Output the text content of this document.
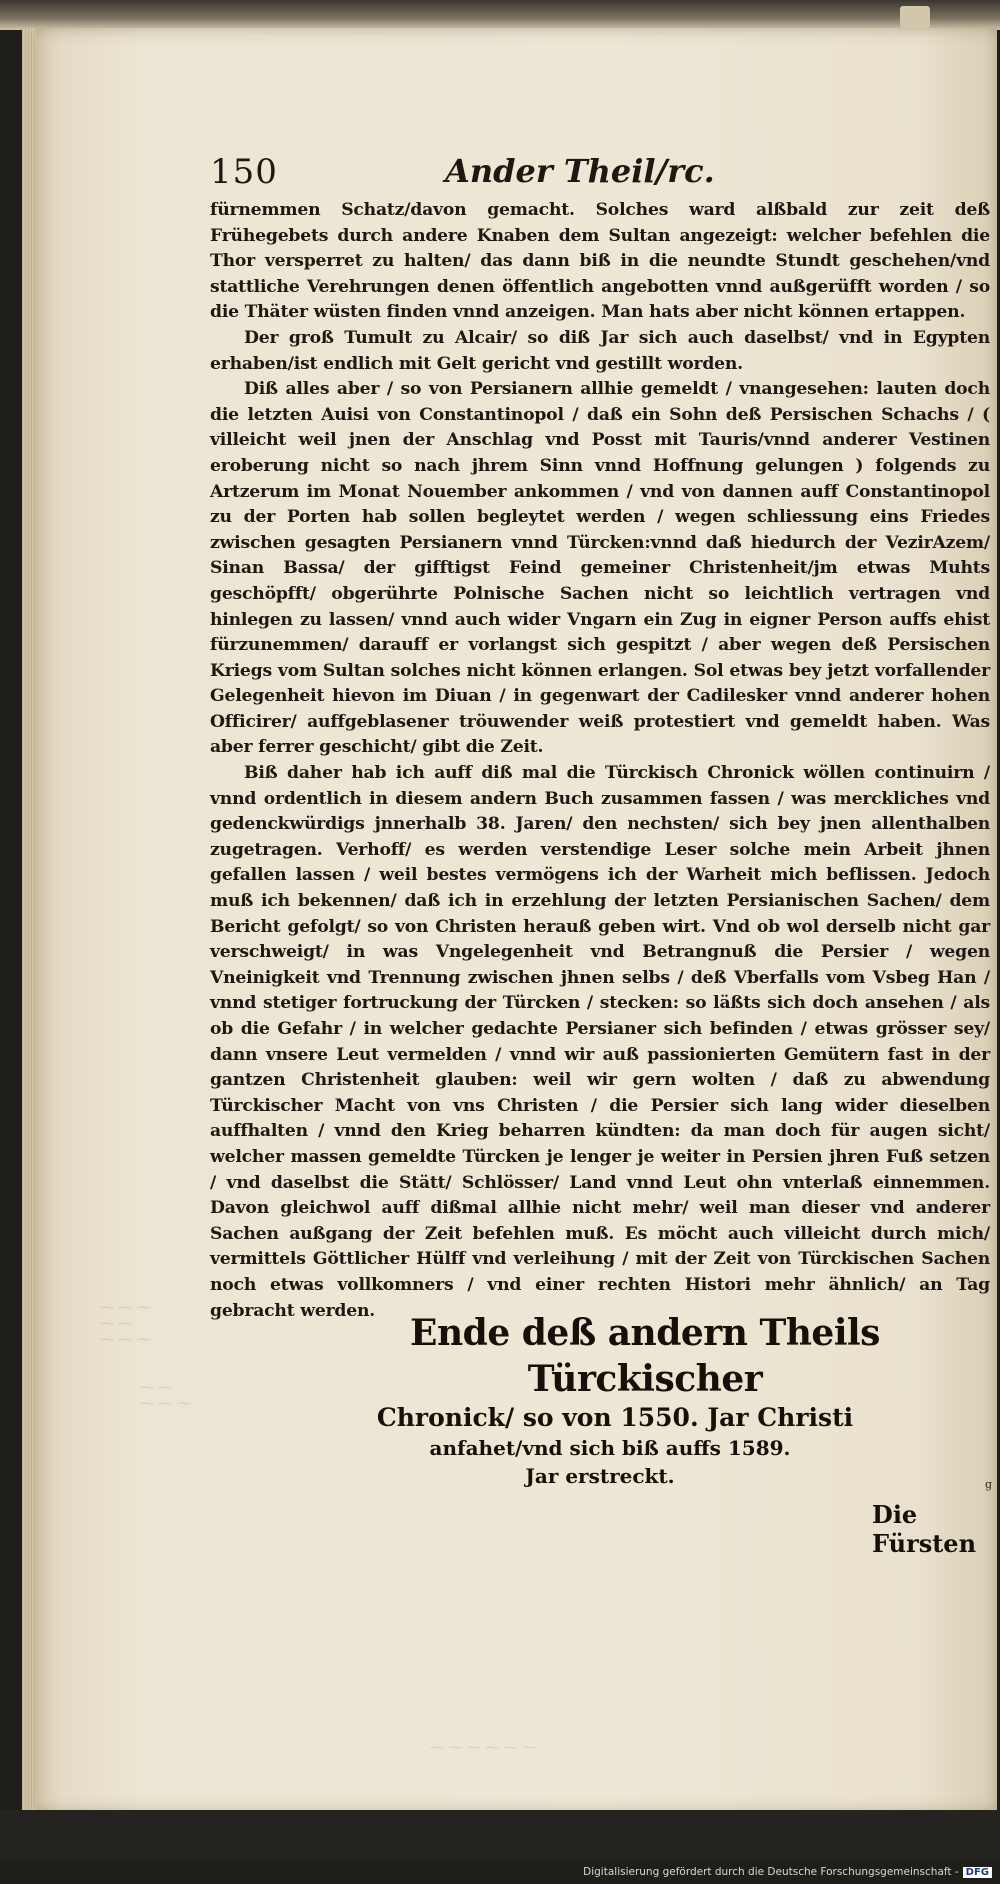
⁓ ⁓ ⁓
⁓ ⁓
⁓ ⁓ ⁓
⁓ ⁓
⁓ ⁓ ⁓
⁓ ⁓ ⁓ ⁓ ⁓ ⁓
150	Ander Theil/rc.

fürnemmen Schatz/davon gemacht. Solches ward alßbald zur zeit deß Frühegebets durch andere Knaben dem Sultan angezeigt: welcher befehlen die Thor versperret zu halten/ das dann biß in die neundte Stundt geschehen/vnd stattliche Verehrungen denen öffentlich angebotten vnnd außgerüfft worden / so die Thäter wüsten finden vnnd anzeigen. Man hats aber nicht können ertappen.

Der groß Tumult zu Alcair/ so diß Jar sich auch daselbst/ vnd in Egypten erhaben/ist endlich mit Gelt gericht vnd gestillt worden.

Diß alles aber / so von Persianern allhie gemeldt / vnangesehen: lauten doch die letzten Auisi von Constantinopol / daß ein Sohn deß Persischen Schachs / ( villeicht weil jnen der Anschlag vnd Posst mit Tauris/vnnd anderer Vestinen eroberung nicht so nach jhrem Sinn vnnd Hoffnung gelungen ) folgends zu Artzerum im Monat Nouember ankommen / vnd von dannen auff Constantinopol zu der Porten hab sollen begleytet werden / wegen schliessung eins Friedes zwischen gesagten Persianern vnnd Türcken:vnnd daß hiedurch der VezirAzem/ Sinan Bassa/ der gifftigst Feind gemeiner Christenheit/jm etwas Muhts geschöpfft/ obgerührte Polnische Sachen nicht so leichtlich vertragen vnd hinlegen zu lassen/ vnnd auch wider Vngarn ein Zug in eigner Person auffs ehist fürzunemmen/ darauff er vorlangst sich gespitzt / aber wegen deß Persischen Kriegs vom Sultan solches nicht können erlangen. Sol etwas bey jetzt vorfallender Gelegenheit hievon im Diuan / in gegenwart der Cadilesker vnnd anderer hohen Officirer/ auffgeblasener tröuwender weiß protestiert vnd gemeldt haben. Was aber ferrer geschicht/ gibt die Zeit.

Biß daher hab ich auff diß mal die Türckisch Chronick wöllen continuirn / vnnd ordentlich in diesem andern Buch zusammen fassen / was merckliches vnd gedenckwürdigs jnnerhalb 38. Jaren/ den nechsten/ sich bey jnen allenthalben zugetragen. Verhoff/ es werden verstendige Leser solche mein Arbeit jhnen gefallen lassen / weil bestes vermögens ich der Warheit mich beflissen. Jedoch muß ich bekennen/ daß ich in erzehlung der letzten Persianischen Sachen/ dem Bericht gefolgt/ so von Christen herauß geben wirt. Vnd ob wol derselb nicht gar verschweigt/ in was Vngelegenheit vnd Betrangnuß die Persier / wegen Vneinigkeit vnd Trennung zwischen jhnen selbs / deß Vberfalls vom Vsbeg Han / vnnd stetiger fortruckung der Türcken / stecken: so läßts sich doch ansehen / als ob die Gefahr / in welcher gedachte Persianer sich befinden / etwas grösser sey/ dann vnsere Leut vermelden / vnnd wir auß passionierten Gemütern fast in der gantzen Christenheit glauben: weil wir gern wolten / daß zu abwendung Türckischer Macht von vns Christen / die Persier sich lang wider dieselben auffhalten / vnnd den Krieg beharren kündten: da man doch für augen sicht/ welcher massen gemeldte Türcken je lenger je weiter in Persien jhren Fuß setzen / vnd daselbst die Stätt/ Schlösser/ Land vnnd Leut ohn vnterlaß einnemmen. Davon gleichwol auff dißmal allhie nicht mehr/ weil man dieser vnd anderer Sachen außgang der Zeit befehlen muß. Es möcht auch villeicht durch mich/ vermittels Göttlicher Hülff vnd verleihung / mit der Zeit von Türckischen Sachen noch etwas vollkomners / vnd einer rechten Histori mehr ähnlich/ an Tag gebracht werden.

Ende deß andern Theils Türckischer
Chronick/ so von 1550. Jar Christi
anfahet/vnd sich biß auffs 1589.
Jar erstreckt.	g
Die Fürsten
Digitalisierung gefördert durch die Deutsche Forschungsgemeinschaft - DFG
